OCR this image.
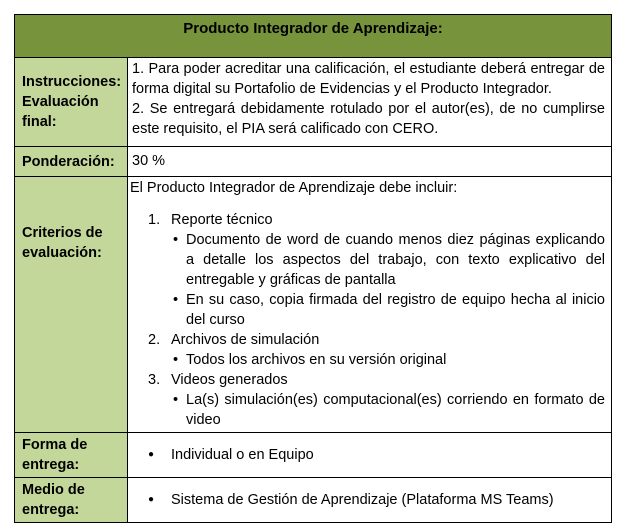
Producto Integrador de Aprendizaje:	

Instrucciones: Evaluación final:	1. Para poder acreditar una calificación, el estudiante deberá entregar de forma digital su Portafolio de Evidencias y el Producto Integrador.
2. Se entregará debidamente rotulado por el autor(es), de no cumplirse este requisito, el PIA será calificado con CERO.

Ponderación:	30 %

Criterios de evaluación:

El Producto Integrador de Aprendizaje debe incluir:
1. Reporte técnico
• Documento de word de cuando menos diez páginas explicando a detalle los aspectos del trabajo, con texto explicativo del entregable y gráficas de pantalla
• En su caso, copia firmada del registro de equipo hecha al inicio del curso
2. Archivos de simulación
• Todos los archivos en su versión original
3. Videos generados
• La(s) simulación(es) computacional(es) corriendo en formato de video

Forma de entrega:	● Individual o en Equipo

Medio de entrega:	● Sistema de Gestión de Aprendizaje (Plataforma MS Teams)
